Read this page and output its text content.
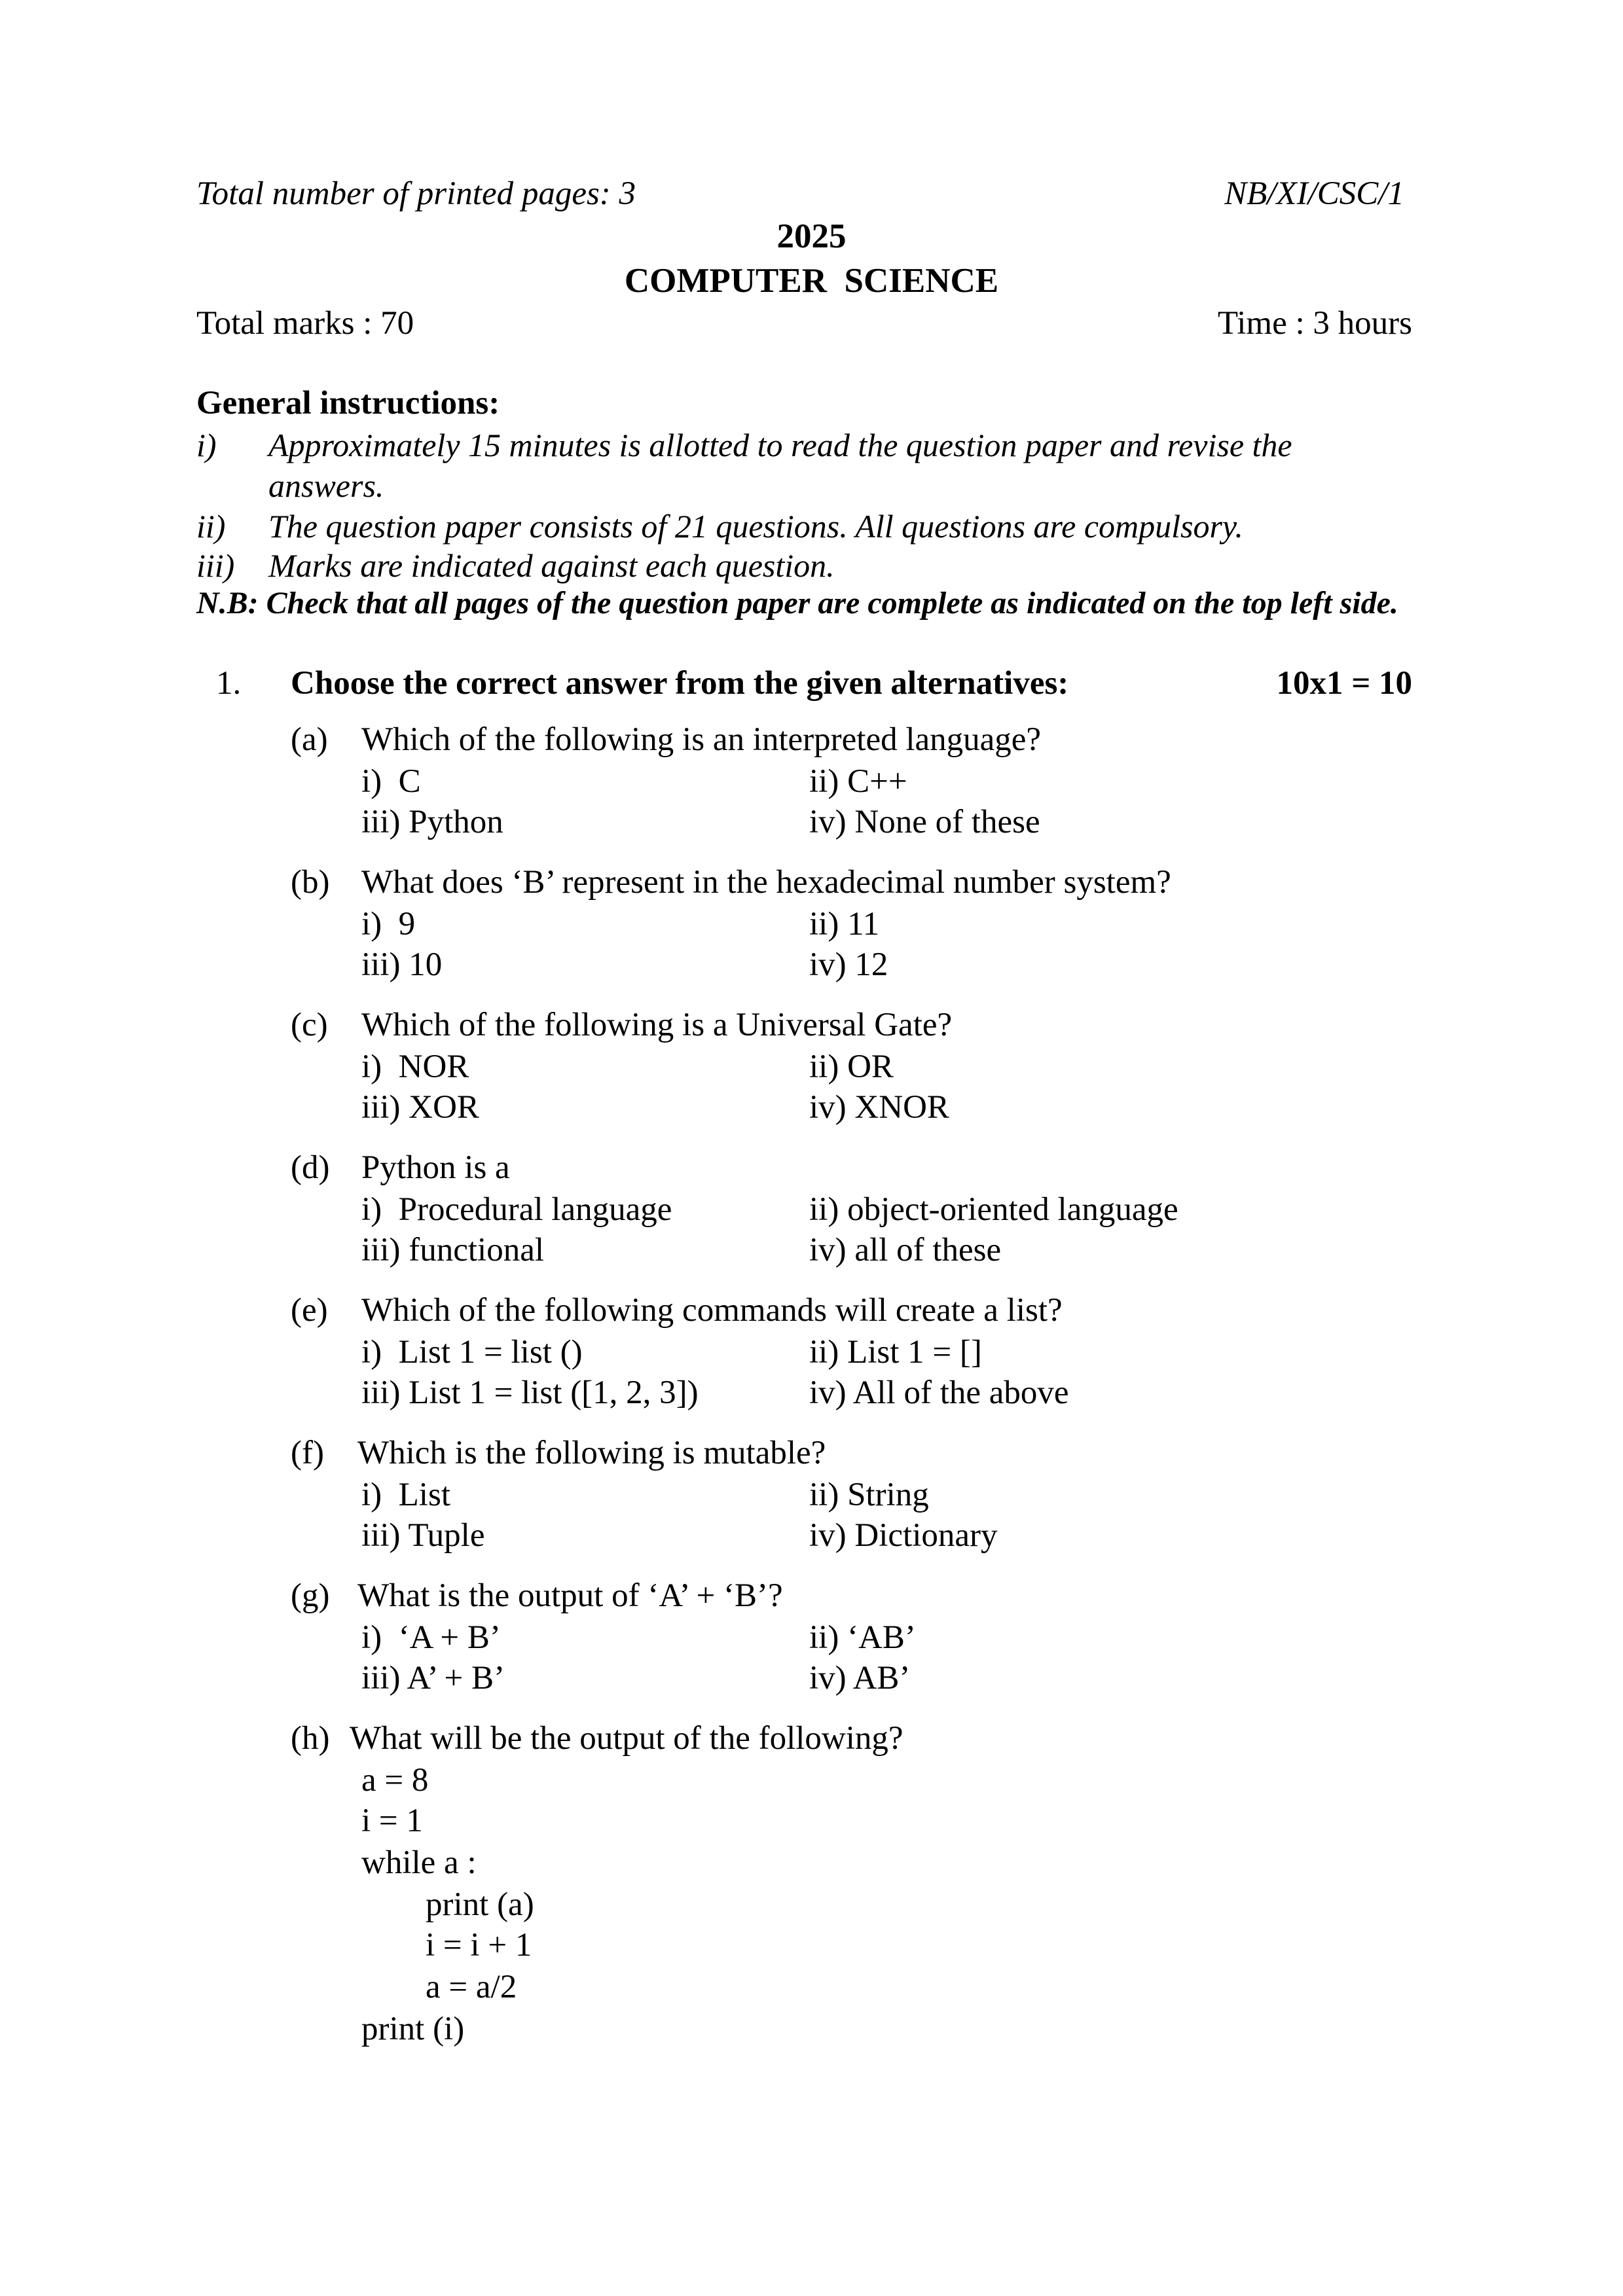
Total number of printed pages: 3	NB/XI/CSC/1
2025
COMPUTER  SCIENCE
Total marks : 70	Time : 3 hours
General instructions:
i) Approximately 15 minutes is allotted to read the question paper and revise the
answers.
ii) The question paper consists of 21 questions. All questions are compulsory.
iii) Marks are indicated against each question.
N.B: Check that all pages of the question paper are complete as indicated on the top left side.
1. Choose the correct answer from the given alternatives:	10x1 = 10
(a) Which of the following is an interpreted language?
i)  C	ii) C++
iii) Python	iv) None of these
(b) What does ‘B’ represent in the hexadecimal number system?
i)  9	ii) 11
iii) 10	iv) 12
(c) Which of the following is a Universal Gate?
i)  NOR	ii) OR
iii) XOR	iv) XNOR
(d) Python is a
i)  Procedural language	ii) object-oriented language
iii) functional	iv) all of these
(e) Which of the following commands will create a list?
i)  List 1 = list ()	ii) List 1 = []
iii) List 1 = list ([1, 2, 3])	iv) All of the above
(f) Which is the following is mutable?
i)  List	ii) String
iii) Tuple	iv) Dictionary
(g) What is the output of ‘A’ + ‘B’?
i)  ‘A + B’	ii) ‘AB’
iii) A’ + B’	iv) AB’
(h) What will be the output of the following?
a = 8
i = 1
while a :
print (a)
i = i + 1
a = a/2
print (i)
